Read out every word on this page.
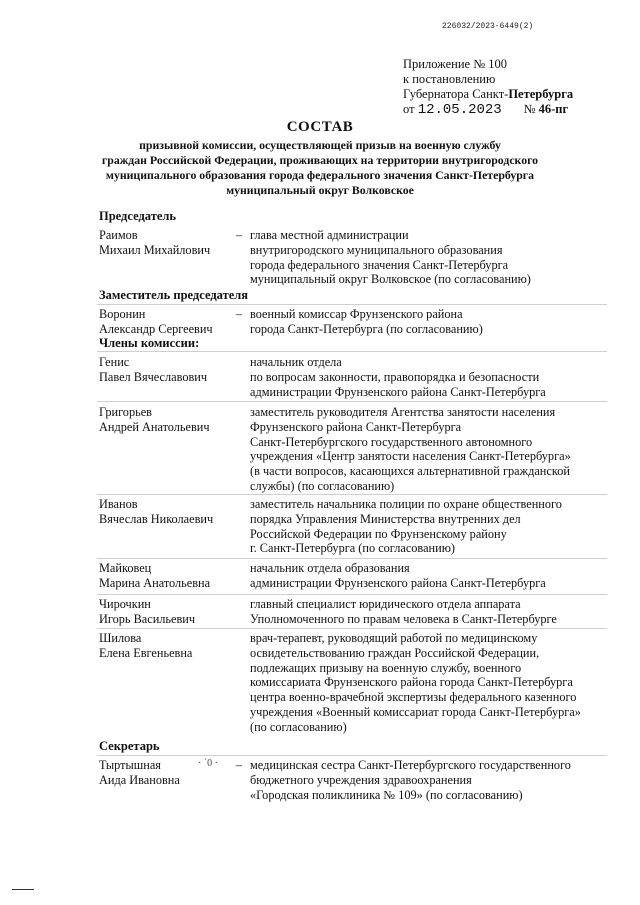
226032/2023-6449(2)
Приложение № 100
к постановлению
Губернатора Санкт-Петербурга
от 12.05.2023 № 46-пг
СОСТАВ
призывной комиссии, осуществляющей призыв на военную службу
граждан Российской Федерации, проживающих на территории внутригородского
муниципального образования города федерального значения Санкт-Петербурга
муниципальный округ Волковское
Председатель
Раимов
Михаил Михайлович
– глава местной администрации
внутригородского муниципального образования
города федерального значения Санкт-Петербурга
муниципальный округ Волковское (по согласованию)
Заместитель председателя
Воронин
Александр Сергеевич
– военный комиссар Фрунзенского района
города Санкт-Петербурга (по согласованию)
Члены комиссии:
Генис
Павел Вячеславович
начальник отдела
по вопросам законности, правопорядка и безопасности
администрации Фрунзенского района Санкт-Петербурга
Григорьев
Андрей Анатольевич
заместитель руководителя Агентства занятости населения
Фрунзенского района Санкт-Петербурга
Санкт-Петербургского государственного автономного
учреждения «Центр занятости населения Санкт-Петербурга»
(в части вопросов, касающихся альтернативной гражданской
службы) (по согласованию)
Иванов
Вячеслав Николаевич
заместитель начальника полиции по охране общественного
порядка Управления Министерства внутренних дел
Российской Федерации по Фрунзенскому району
г. Санкт-Петербурга (по согласованию)
Майковец
Марина Анатольевна
начальник отдела образования
администрации Фрунзенского района Санкт-Петербурга
Чирочкин
Игорь Васильевич
главный специалист юридического отдела аппарата
Уполномоченного по правам человека в Санкт-Петербурге
Шилова
Елена Евгеньевна
врач-терапевт, руководящий работой по медицинскому
освидетельствованию граждан Российской Федерации,
подлежащих призыву на военную службу, военного
комиссариата Фрунзенского района города Санкт-Петербурга
центра военно-врачебной экспертизы федерального казенного
учреждения «Военный комиссариат города Санкт-Петербурга»
(по согласованию)
Секретарь
Тыртышная
Аида Ивановна
– медицинская сестра Санкт-Петербургского государственного
бюджетного учреждения здравоохранения
«Городская поликлиника № 109» (по согласованию)
· ˊ0 ·
